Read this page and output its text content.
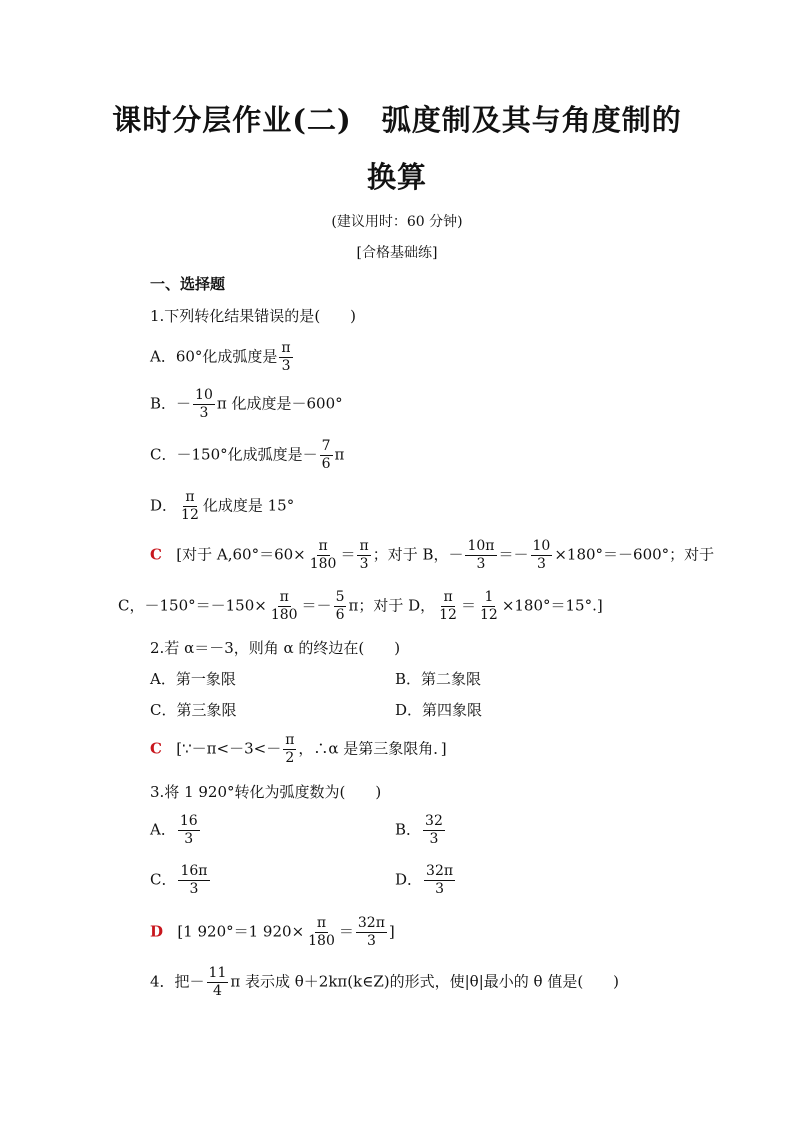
课时分层作业(二)　弧度制及其与角度制的
换算
(建议用时：60 分钟)
[合格基础练]
一、选择题
1.下列转化结果错误的是(　　)
A．60°化成弧度是 $\frac{\pi}{3}$
B．－ $\frac{10}{3}$ π 化成度是－600°
C．－150°化成弧度是－ $\frac{7}{6}$ π
D． $\frac{\pi}{12}$ 化成度是 15°
C [对于 $A,60^\circ=60\times \frac{\pi}{180} = \frac{\pi}{3}$ ；对于 B，－ $\frac{10\pi}{3} =- \frac{10}{3} \times 180^\circ=-600^\circ$；对于
C，$-150^\circ=-150\times \frac{\pi}{180} =- \frac{5}{6}$ π；对于 D， $\frac{\pi}{12} = \frac{1}{12} \times 180^\circ=15^\circ$.]
2.若 α＝－3，则角 α 的终边在(　　)
A．第一象限	B．第二象限
C．第三象限	D．第四象限
C [∵－π<－3<－ $\frac{\pi}{2}$ ，∴α 是第三象限角．]
3.将 1 920°转化为弧度数为(　　)
A． $\frac{16}{3}$	B． $\frac{32}{3}$
C． $\frac{16\pi}{3}$	D． $\frac{32\pi}{3}$
D [1 920°＝1 $920\times \frac{\pi}{180} = \frac{32\pi}{3}$ ]
4．把－ $\frac{11}{4}$ π 表示成 θ＋2kπ(k∈Z)的形式，使|θ|最小的 θ 值是(　　)
